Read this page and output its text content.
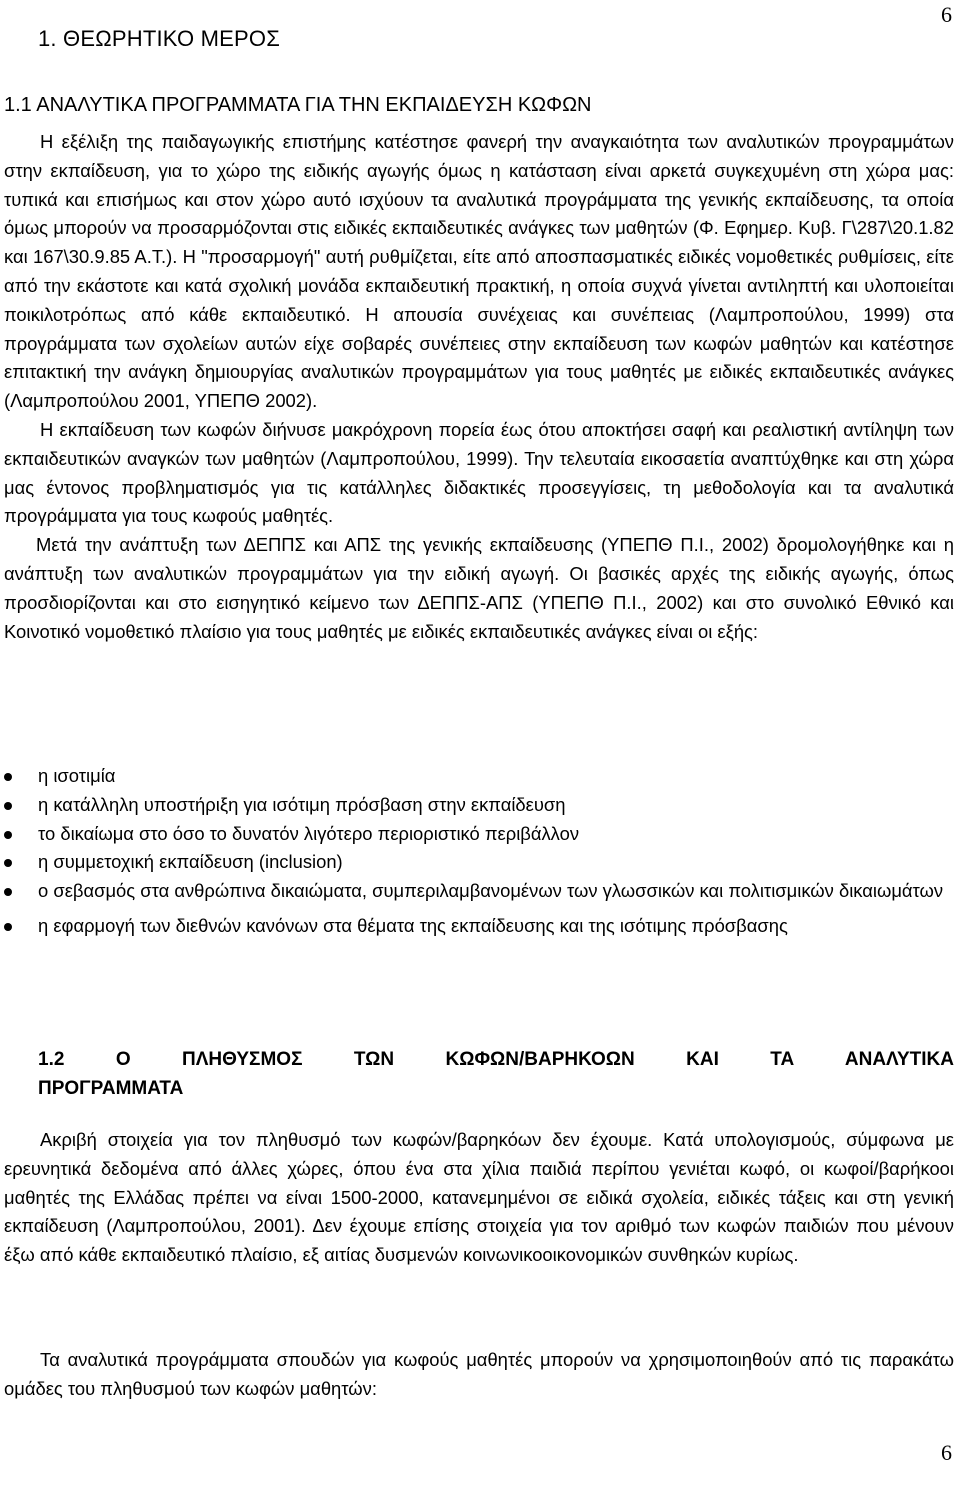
6
1. ΘΕΩΡΗΤΙΚΟ ΜΕΡΟΣ
1.1 ΑΝΑΛΥΤΙΚΑ ΠΡΟΓΡΑΜΜΑΤΑ ΓΙΑ ΤΗΝ ΕΚΠΑΙΔΕΥΣΗ ΚΩΦΩΝ

Η εξέλιξη της παιδαγωγικής επιστήμης κατέστησε φανερή την αναγκαιότητα των αναλυτικών προγραμμάτων στην εκπαίδευση, για το χώρο της ειδικής αγωγής όμως η κατάσταση είναι αρκετά συγκεχυμένη στη χώρα μας: τυπικά και επισήμως και στον χώρο αυτό ισχύουν τα αναλυτικά προγράμματα της γενικής εκπαίδευσης, τα οποία όμως μπορούν να προσαρμόζονται στις ειδικές εκπαιδευτικές ανάγκες των μαθητών (Φ. Εφημερ. Κυβ. Γ\287\20.1.82 και 167\30.9.85 Α.Τ.). Η "προσαρμογή" αυτή ρυθμίζεται, είτε από αποσπασματικές ειδικές νομοθετικές ρυθμίσεις, είτε από την εκάστοτε και κατά σχολική μονάδα εκπαιδευτική πρακτική, η οποία συχνά γίνεται αντιληπτή και υλοποιείται ποικιλοτρόπως από κάθε εκπαιδευτικό. Η απουσία συνέχειας και συνέπειας (Λαμπροπούλου, 1999) στα προγράμματα των σχολείων αυτών είχε σοβαρές συνέπειες στην εκπαίδευση των κωφών μαθητών και κατέστησε επιτακτική την ανάγκη δημιουργίας αναλυτικών προγραμμάτων για τους μαθητές με ειδικές εκπαιδευτικές ανάγκες (Λαμπροπούλου 2001, ΥΠΕΠΘ 2002).

Η εκπαίδευση των κωφών διήνυσε μακρόχρονη πορεία έως ότου αποκτήσει σαφή και ρεαλιστική αντίληψη των εκπαιδευτικών αναγκών των μαθητών (Λαμπροπούλου, 1999). Την τελευταία εικοσαετία αναπτύχθηκε και στη χώρα μας έντονος προβληματισμός για τις κατάλληλες διδακτικές προσεγγίσεις, τη μεθοδολογία και τα αναλυτικά προγράμματα για τους κωφούς μαθητές.

Μετά την ανάπτυξη των ΔΕΠΠΣ και ΑΠΣ της γενικής εκπαίδευσης (ΥΠΕΠΘ Π.Ι., 2002) δρομολογήθηκε και η ανάπτυξη των αναλυτικών προγραμμάτων για την ειδική αγωγή. Οι βασικές αρχές της ειδικής αγωγής, όπως προσδιορίζονται και στο εισηγητικό κείμενο των ΔΕΠΠΣ-ΑΠΣ (ΥΠΕΠΘ Π.Ι., 2002) και στο συνολικό Εθνικό και Κοινοτικό νομοθετικό πλαίσιο για τους μαθητές με ειδικές εκπαιδευτικές ανάγκες είναι οι εξής:

η ισοτιμία
η κατάλληλη υποστήριξη για ισότιμη πρόσβαση στην εκπαίδευση
το δικαίωμα στο όσο το δυνατόν λιγότερο περιοριστικό περιβάλλον
η συμμετοχική εκπαίδευση (inclusion)
ο σεβασμός στα ανθρώπινα δικαιώματα, συμπεριλαμβανομένων των γλωσσικών και πολιτισμικών δικαιωμάτων
η εφαρμογή των διεθνών κανόνων στα θέματα της εκπαίδευσης και της ισότιμης πρόσβασης
1.2 Ο ΠΛΗΘΥΣΜΟΣ ΤΩΝ ΚΩΦΩΝ/ΒΑΡΗΚΟΩΝ ΚΑΙ ΤΑ ΑΝΑΛΥΤΙΚΑ
ΠΡΟΓΡΑΜΜΑΤΑ

Ακριβή στοιχεία για τον πληθυσμό των κωφών/βαρηκόων δεν έχουμε. Κατά υπολογισμούς, σύμφωνα με ερευνητικά δεδομένα από άλλες χώρες, όπου ένα στα χίλια παιδιά περίπου γενιέται κωφό, οι κωφοί/βαρήκοοι μαθητές της Ελλάδας πρέπει να είναι 1500-2000, κατανεμημένοι σε ειδικά σχολεία, ειδικές τάξεις και στη γενική εκπαίδευση (Λαμπροπούλου, 2001). Δεν έχουμε επίσης στοιχεία για τον αριθμό των κωφών παιδιών που μένουν έξω από κάθε εκπαιδευτικό πλαίσιο, εξ αιτίας δυσμενών κοινωνικοοικονομικών συνθηκών κυρίως.

Τα αναλυτικά προγράμματα σπουδών για κωφούς μαθητές μπορούν να χρησιμοποιηθούν από τις παρακάτω ομάδες του πληθυσμού των κωφών μαθητών:

6
